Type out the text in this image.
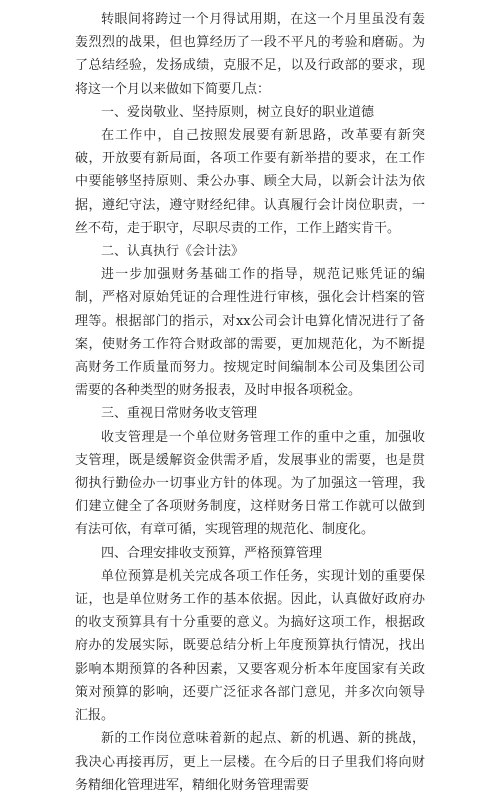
转眼间将跨过一个月得试用期，在这一个月里虽没有轰轰烈烈的战果，但也算经历了一段不平凡的考验和磨砺。为了总结经验，发扬成绩，克服不足，以及行政部的要求，现将这一个月以来做如下简要几点：

一、爱岗敬业、坚持原则，树立良好的职业道德

在工作中，自己按照发展要有新思路，改革要有新突破，开放要有新局面，各项工作要有新举措的要求，在工作中要能够坚持原则、秉公办事、顾全大局，以新会计法为依据，遵纪守法，遵守财经纪律。认真履行会计岗位职责，一丝不苟，走于职守，尽职尽责的工作，工作上踏实肯干。

二、认真执行《会计法》

进一步加强财务基础工作的指导，规范记账凭证的编制，严格对原始凭证的合理性进行审核，强化会计档案的管理等。根据部门的指示，对xx公司会计电算化情况进行了备案，使财务工作符合财政部的需要，更加规范化，为不断提高财务工作质量而努力。按规定时间编制本公司及集团公司需要的各种类型的财务报表，及时申报各项税金。

三、重视日常财务收支管理

收支管理是一个单位财务管理工作的重中之重，加强收支管理，既是缓解资金供需矛盾，发展事业的需要，也是贯彻执行勤俭办一切事业方针的体现。为了加强这一管理，我们建立健全了各项财务制度，这样财务日常工作就可以做到有法可依，有章可循，实现管理的规范化、制度化。

四、合理安排收支预算，严格预算管理

单位预算是机关完成各项工作任务，实现计划的重要保证，也是单位财务工作的基本依据。因此，认真做好政府办的收支预算具有十分重要的意义。为搞好这项工作，根据政府办的发展实际，既要总结分析上年度预算执行情况，找出影响本期预算的各种因素，又要客观分析本年度国家有关政策对预算的影响，还要广泛征求各部门意见，并多次向领导汇报。

新的工作岗位意味着新的起点、新的机遇、新的挑战，我决心再接再厉，更上一层楼。在今后的日子里我们将向财务精细化管理进军，精细化财务管理需要
